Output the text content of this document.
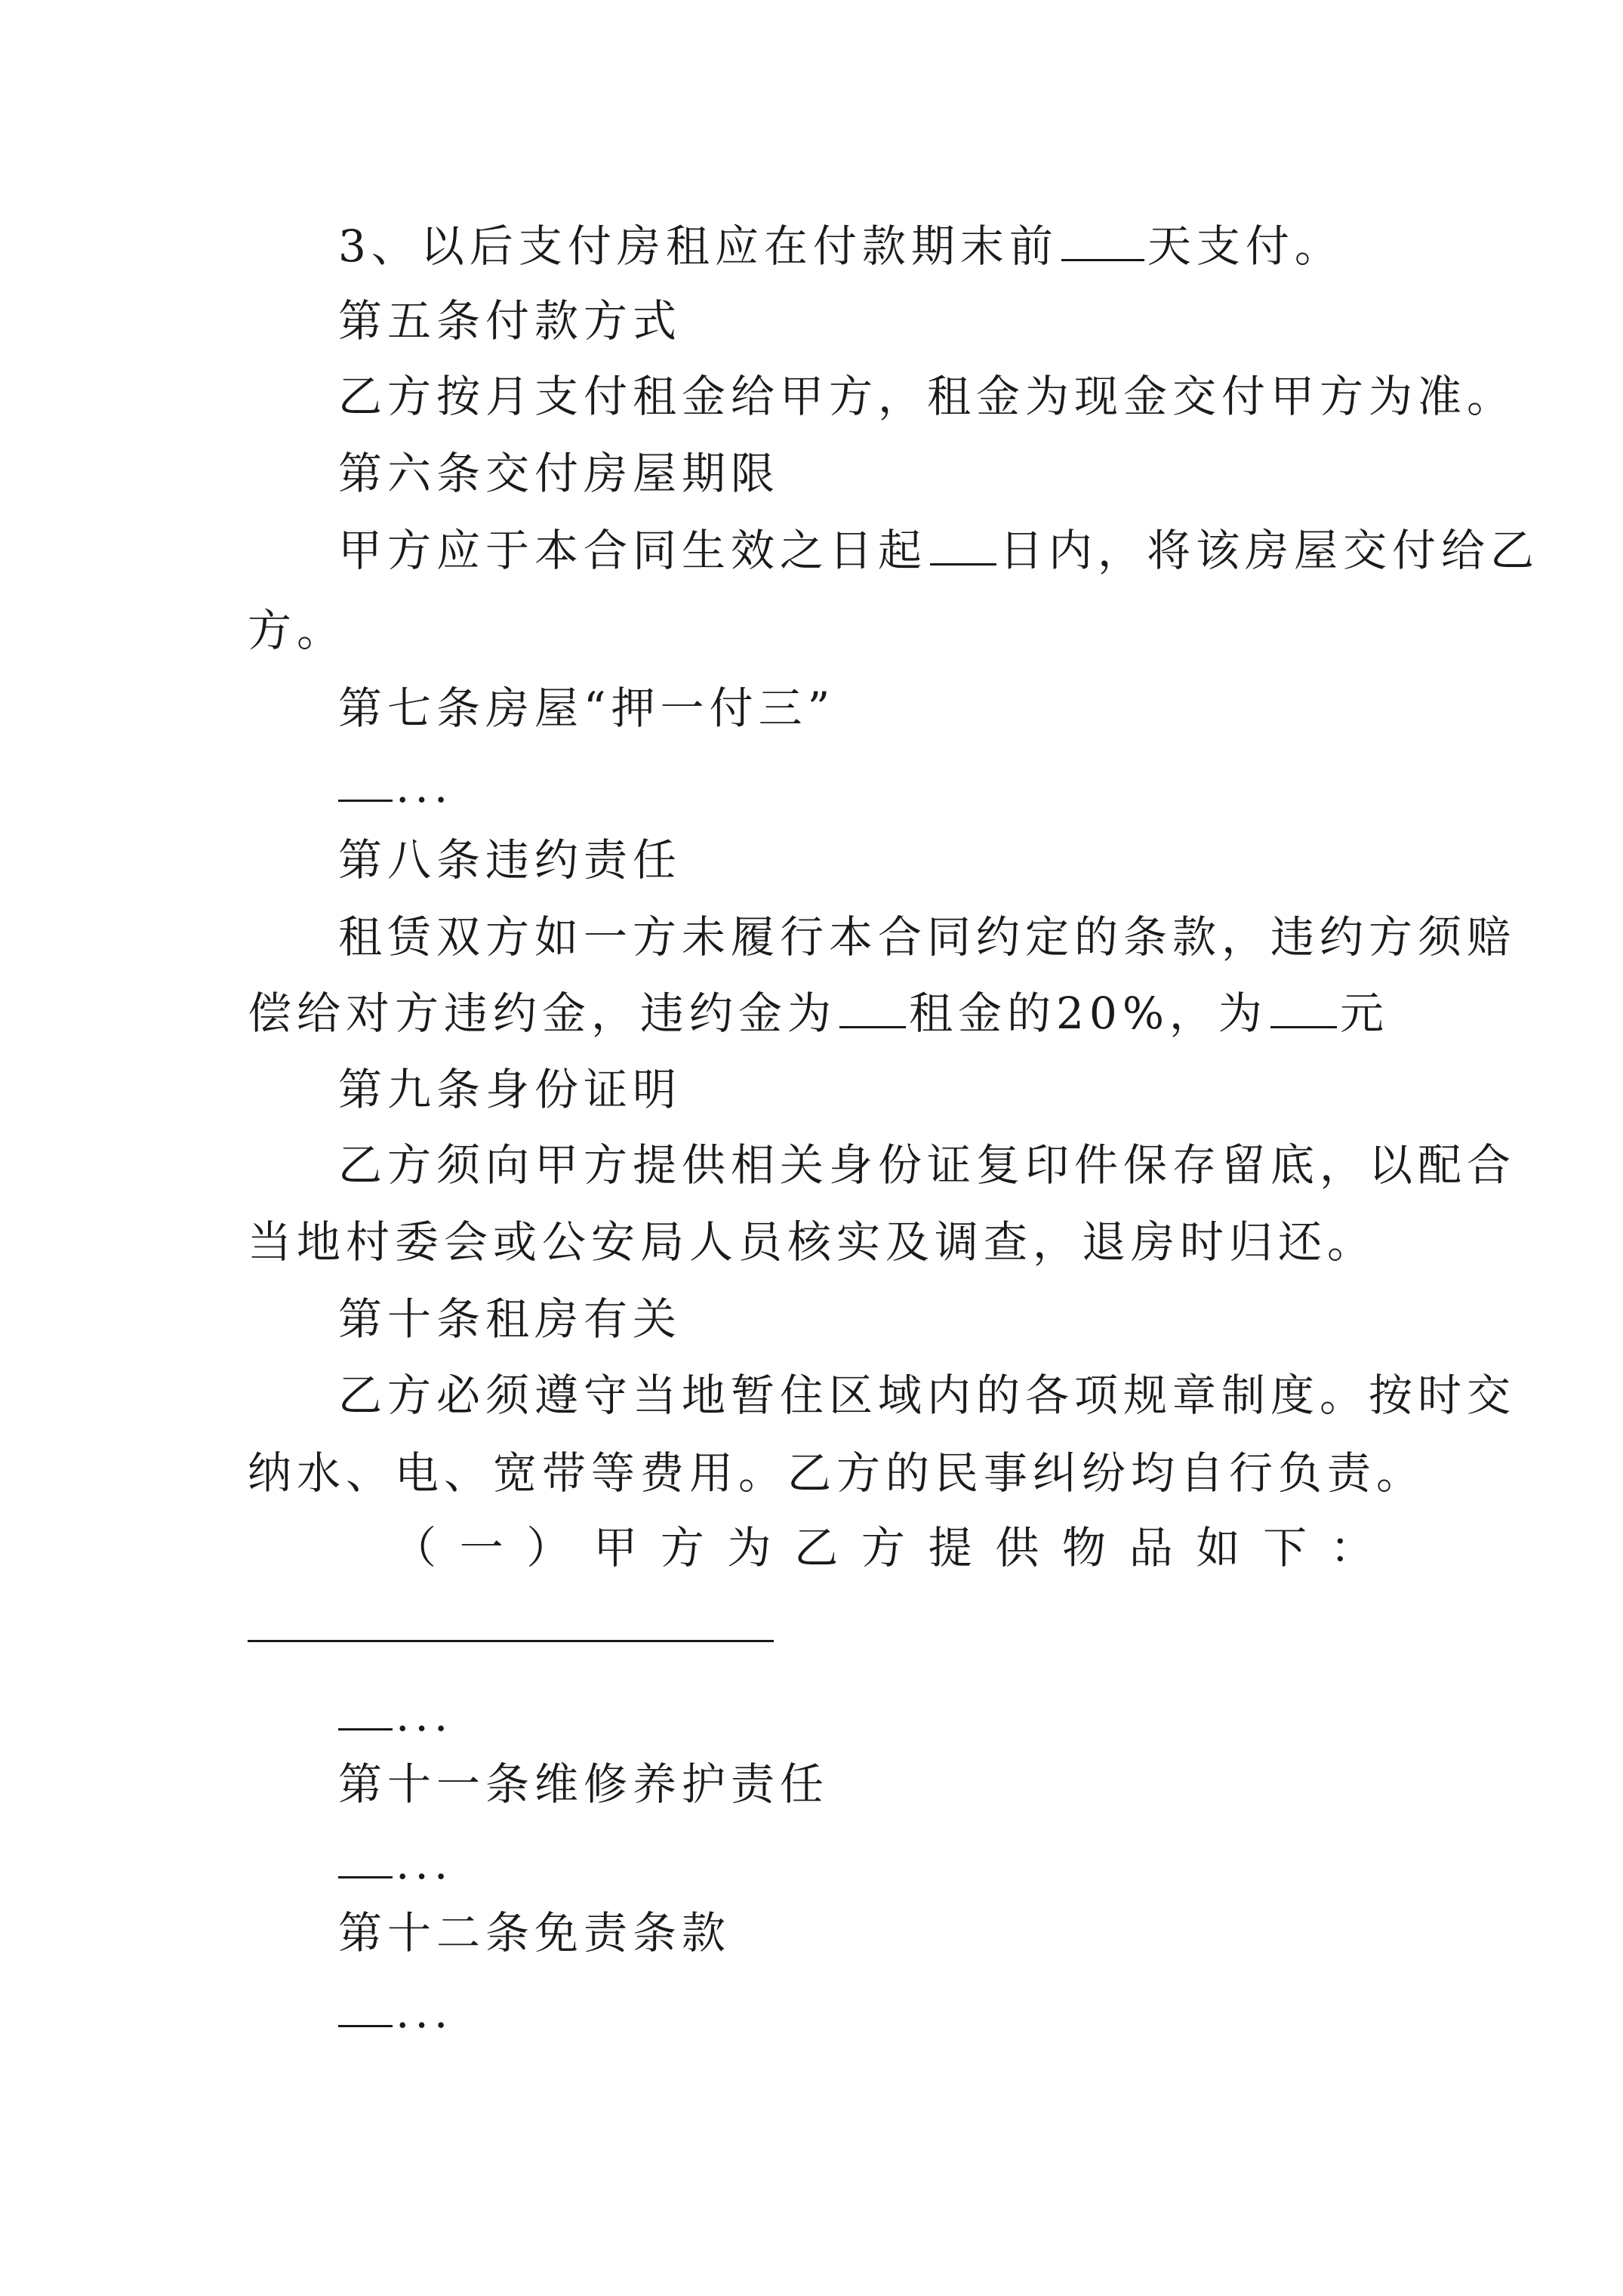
3、以后支付房租应在付款期末前 天支付。
第五条付款方式
乙方按月支付租金给甲方，租金为现金交付甲方为准。
第六条交付房屋期限
甲方应于本合同生效之日起 日内，将该房屋交付给乙
方。
第七条房屋“押一付三”
...
第八条违约责任
租赁双方如一方未履行本合同约定的条款，违约方须赔
偿给对方违约金，违约金为 租金的20%，为 元
第九条身份证明
乙方须向甲方提供相关身份证复印件保存留底，以配合
当地村委会或公安局人员核实及调查，退房时归还。
第十条租房有关
乙方必须遵守当地暂住区域内的各项规章制度。按时交
纳水、电、宽带等费用。乙方的民事纠纷均自行负责。
（ 一 ） 甲 方 为 乙 方 提 供 物 品 如 下 ：
...
第十一条维修养护责任
...
第十二条免责条款
...
